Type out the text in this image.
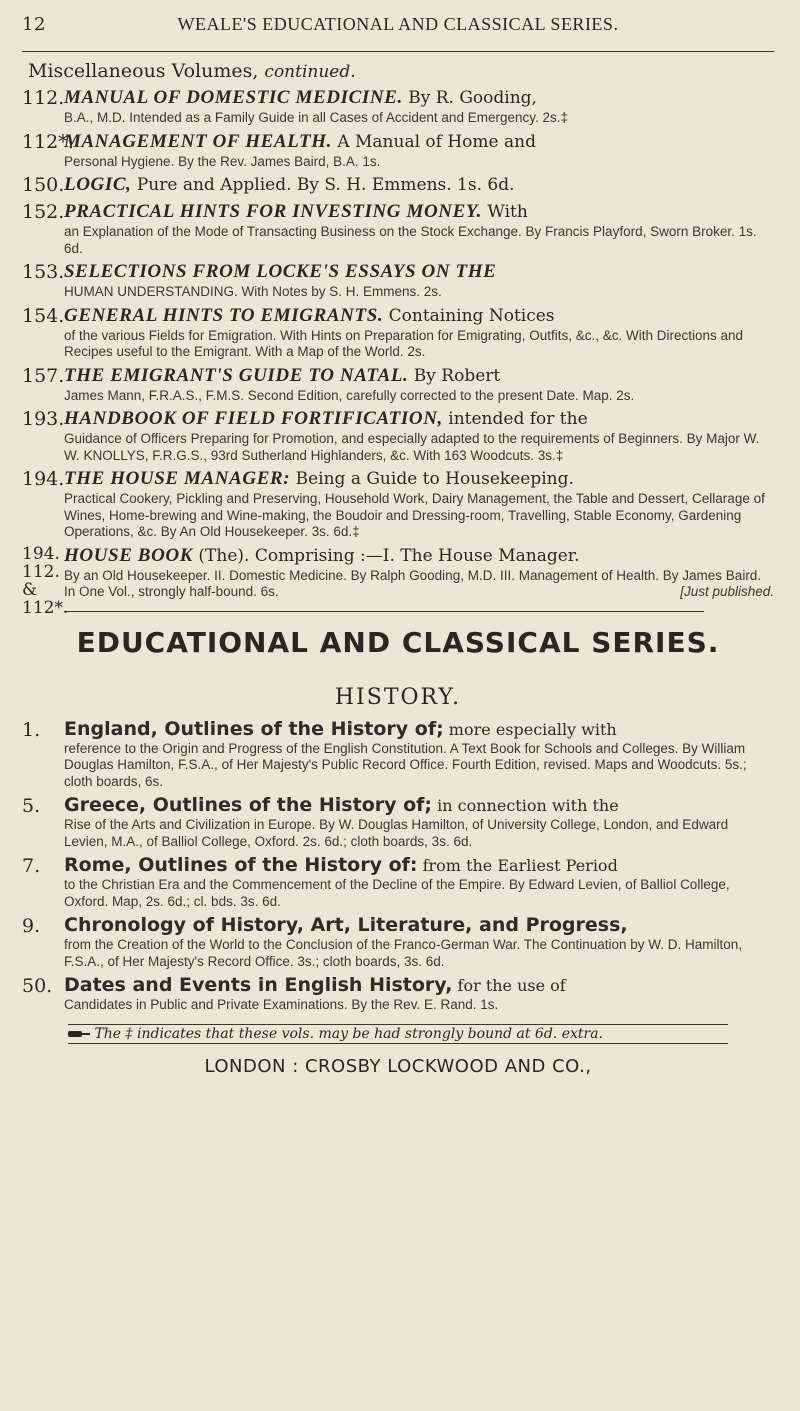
12	WEALE'S EDUCATIONAL AND CLASSICAL SERIES.
Miscellaneous Volumes, continued.
112. MANUAL OF DOMESTIC MEDICINE. By R. Gooding,
B.A., M.D. Intended as a Family Guide in all Cases of Accident and Emergency. 2s.‡
112*.
MANAGEMENT OF HEALTH. A Manual of Home and
Personal Hygiene. By the Rev. James Baird, B.A. 1s.
150. LOGIC, Pure and Applied. By S. H. Emmens. 1s. 6d.
152. PRACTICAL HINTS FOR INVESTING MONEY. With
an Explanation of the Mode of Transacting Business on the Stock Exchange. By Francis Playford, Sworn Broker. 1s. 6d.
153. SELECTIONS FROM LOCKE'S ESSAYS ON THE
HUMAN UNDERSTANDING. With Notes by S. H. Emmens. 2s.
154. GENERAL HINTS TO EMIGRANTS. Containing Notices
of the various Fields for Emigration. With Hints on Preparation for Emigrating, Outfits, &c., &c. With Directions and Recipes useful to the Emigrant. With a Map of the World. 2s.
157. THE EMIGRANT'S GUIDE TO NATAL. By Robert
James Mann, F.R.A.S., F.M.S. Second Edition, carefully corrected to the present Date. Map. 2s.
193. HANDBOOK OF FIELD FORTIFICATION, intended for the
Guidance of Officers Preparing for Promotion, and especially adapted to the requirements of Beginners. By Major W. W. KNOLLYS, F.R.G.S., 93rd Sutherland Highlanders, &c. With 163 Woodcuts. 3s.‡
194. THE HOUSE MANAGER: Being a Guide to Housekeeping.
Practical Cookery, Pickling and Preserving, Household Work, Dairy Management, the Table and Dessert, Cellarage of Wines, Home-brewing and Wine-making, the Boudoir and Dressing-room, Travelling, Stable Economy, Gardening Operations, &c. By An Old Housekeeper. 3s. 6d.‡
194.
112.
&
112*.
HOUSE BOOK (The). Comprising :—I. The House Manager.
By an Old Housekeeper. II. Domestic Medicine. By Ralph Gooding, M.D. III. Management of Health. By James Baird. In One Vol., strongly half-bound. 6s.	[Just published.
EDUCATIONAL AND CLASSICAL SERIES.
HISTORY.
1. England, Outlines of the History of; more especially with
reference to the Origin and Progress of the English Constitution. A Text Book for Schools and Colleges. By William Douglas Hamilton, F.S.A., of Her Majesty's Public Record Office. Fourth Edition, revised. Maps and Woodcuts. 5s.; cloth boards, 6s.
5. Greece, Outlines of the History of; in connection with the
Rise of the Arts and Civilization in Europe. By W. Douglas Hamilton, of University College, London, and Edward Levien, M.A., of Balliol College, Oxford. 2s. 6d.; cloth boards, 3s. 6d.
7. Rome, Outlines of the History of: from the Earliest Period
to the Christian Era and the Commencement of the Decline of the Empire. By Edward Levien, of Balliol College, Oxford. Map, 2s. 6d.; cl. bds. 3s. 6d.
9. Chronology of History, Art, Literature, and Progress,
from the Creation of the World to the Conclusion of the Franco-German War. The Continuation by W. D. Hamilton, F.S.A., of Her Majesty's Record Office. 3s.; cloth boards, 3s. 6d.
50. Dates and Events in English History, for the use of
Candidates in Public and Private Examinations. By the Rev. E. Rand. 1s.
The ‡ indicates that these vols. may be had strongly bound at 6d. extra.
LONDON : CROSBY LOCKWOOD AND CO.,
